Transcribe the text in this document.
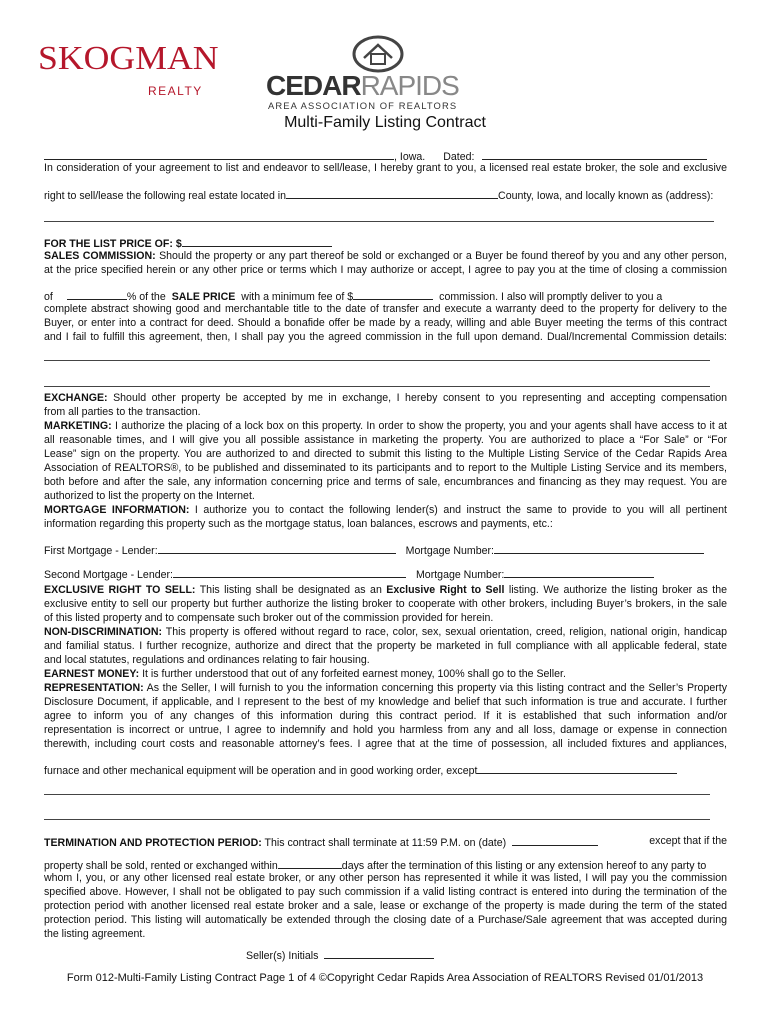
SKOGMAN
REALTY CEDARRAPIDS
AREA ASSOCIATION OF REALTORS
Multi-Family Listing Contract
, Iowa. Dated:
In consideration of your agreement to list and endeavor to sell/lease, I hereby grant to you, a licensed real estate broker, the sole and exclusive
right to sell/lease the following real estate located in	County, Iowa, and locally known as (address):
FOR THE LIST PRICE OF: $
SALES COMMISSION: Should the property or any part thereof be sold or exchanged or a Buyer be found thereof by you and any other person,
at the price specified herein or any other price or terms which I may authorize or accept, I agree to pay you at the time of closing a commission
of	% of the SALE PRICE with a minimum fee of $	commission. I also will promptly deliver to you a
complete abstract showing good and merchantable title to the date of transfer and execute a warranty deed to the property for delivery to the
Buyer, or enter into a contract for deed. Should a bonafide offer be made by a ready, willing and able Buyer meeting the terms of this contract
and I fail to fulfill this agreement, then, I shall pay you the agreed commission in the full upon demand. Dual/Incremental Commission details:
EXCHANGE: Should other property be accepted by me in exchange, I hereby consent to you representing and accepting compensation
from all parties to the transaction.
MARKETING: I authorize the placing of a lock box on this property. In order to show the property, you and your agents shall have access to it at
all reasonable times, and I will give you all possible assistance in marketing the property. You are authorized to place a “For Sale” or “For
Lease” sign on the property. You are authorized to and directed to submit this listing to the Multiple Listing Service of the Cedar Rapids Area
Association of REALTORS®, to be published and disseminated to its participants and to report to the Multiple Listing Service and its members,
both before and after the sale, any information concerning price and terms of sale, encumbrances and financing as they may request. You are
authorized to list the property on the Internet.
MORTGAGE INFORMATION: I authorize you to contact the following lender(s) and instruct the same to provide to you will all pertinent
information regarding this property such as the mortgage status, loan balances, escrows and payments, etc.:
First Mortgage - Lender:	Mortgage Number:
Second Mortgage - Lender:	Mortgage Number:
EXCLUSIVE RIGHT TO SELL: This listing shall be designated as an Exclusive Right to Sell listing. We authorize the listing broker as the
exclusive entity to sell our property but further authorize the listing broker to cooperate with other brokers, including Buyer’s brokers, in the sale
of this listed property and to compensate such broker out of the commission provided for herein.
NON-DISCRIMINATION: This property is offered without regard to race, color, sex, sexual orientation, creed, religion, national origin, handicap
and familial status. I further recognize, authorize and direct that the property be marketed in full compliance with all applicable federal, state
and local statutes, regulations and ordinances relating to fair housing.
EARNEST MONEY: It is further understood that out of any forfeited earnest money, 100% shall go to the Seller.
REPRESENTATION: As the Seller, I will furnish to you the information concerning this property via this listing contract and the Seller’s Property
Disclosure Document, if applicable, and I represent to the best of my knowledge and belief that such information is true and accurate. I further
agree to inform you of any changes of this information during this contract period. If it is established that such information and/or
representation is incorrect or untrue, I agree to indemnify and hold you harmless from any and all loss, damage or expense in connection
therewith, including court costs and reasonable attorney’s fees. I agree that at the time of possession, all included fixtures and appliances,
furnace and other mechanical equipment will be operation and in good working order, except
TERMINATION AND PROTECTION PERIOD: This contract shall terminate at 11:59 P.M. on (date)	except that if the
property shall be sold, rented or exchanged within	days after the termination of this listing or any extension hereof to any party to
whom I, you, or any other licensed real estate broker, or any other person has represented it while it was listed, I will pay you the commission
specified above. However, I shall not be obligated to pay such commission if a valid listing contract is entered into during the termination of the
protection period with another licensed real estate broker and a sale, lease or exchange of the property is made during the term of the stated
protection period. This listing will automatically be extended through the closing date of a Purchase/Sale agreement that was accepted during
the listing agreement.
Seller(s) Initials
Form 012-Multi-Family Listing Contract Page 1 of 4 ©Copyright Cedar Rapids Area Association of REALTORS Revised 01/01/2013
